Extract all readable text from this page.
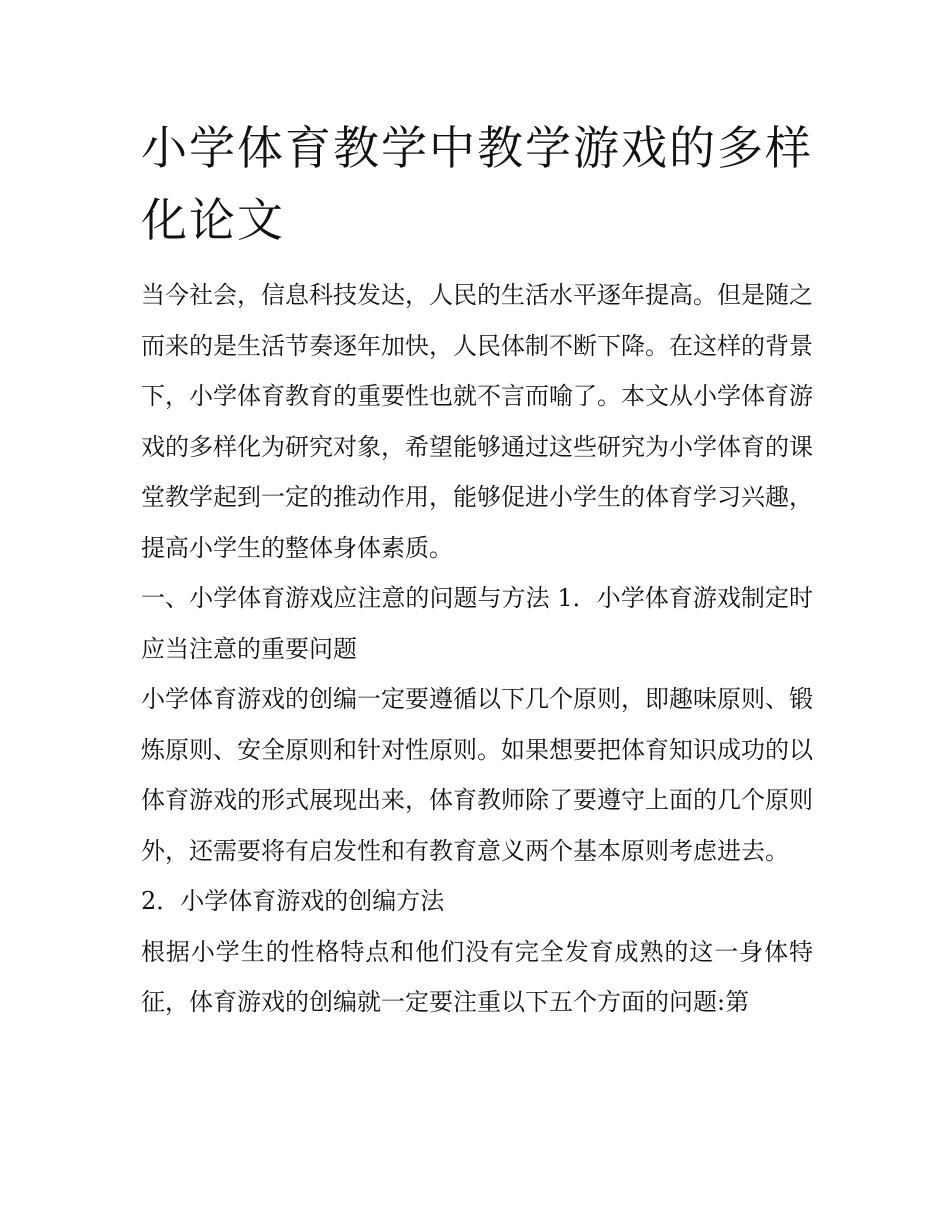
小学体育教学中教学游戏的多样化论文

当今社会，信息科技发达，人民的生活水平逐年提高。但是随之而来的是生活节奏逐年加快，人民体制不断下降。在这样的背景下，小学体育教育的重要性也就不言而喻了。本文从小学体育游戏的多样化为研究对象，希望能够通过这些研究为小学体育的课堂教学起到一定的推动作用，能够促进小学生的体育学习兴趣，提高小学生的整体身体素质。

一、小学体育游戏应注意的问题与方法 1．小学体育游戏制定时应当注意的重要问题

小学体育游戏的创编一定要遵循以下几个原则，即趣味原则、锻炼原则、安全原则和针对性原则。如果想要把体育知识成功的以体育游戏的形式展现出来，体育教师除了要遵守上面的几个原则外，还需要将有启发性和有教育意义两个基本原则考虑进去。

2．小学体育游戏的创编方法

根据小学生的性格特点和他们没有完全发育成熟的这一身体特征，体育游戏的创编就一定要注重以下五个方面的问题:第
